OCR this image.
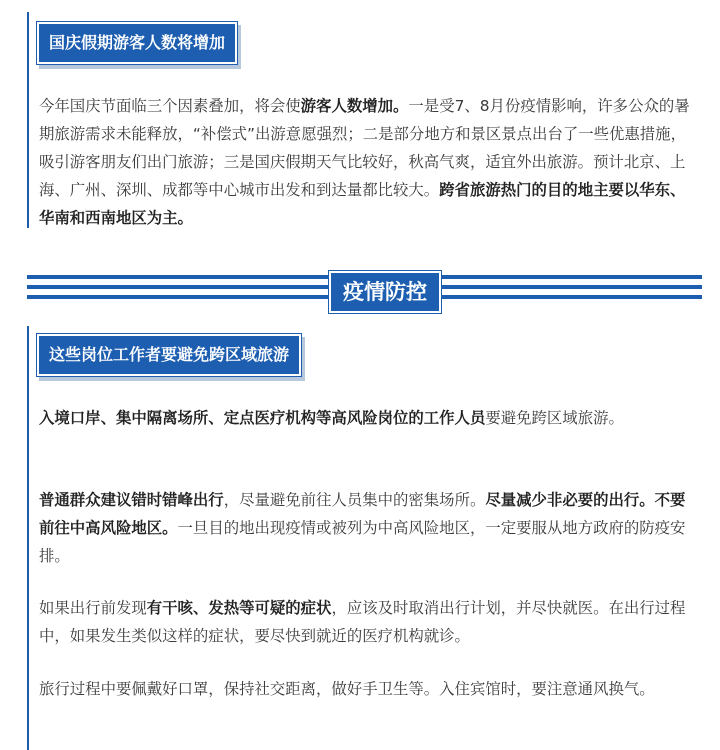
国庆假期游客人数将增加

今年国庆节面临三个因素叠加，将会使游客人数增加。一是受7、8月份疫情影响，许多公众的暑期旅游需求未能释放，“补偿式”出游意愿强烈；二是部分地方和景区景点出台了一些优惠措施，吸引游客朋友们出门旅游；三是国庆假期天气比较好，秋高气爽，适宜外出旅游。预计北京、上海、广州、深圳、成都等中心城市出发和到达量都比较大。跨省旅游热门的目的地主要以华东、华南和西南地区为主。

疫情防控
这些岗位工作者要避免跨区域旅游

入境口岸、集中隔离场所、定点医疗机构等高风险岗位的工作人员要避免跨区域旅游。

普通群众建议错时错峰出行，尽量避免前往人员集中的密集场所。尽量减少非必要的出行。不要前往中高风险地区。一旦目的地出现疫情或被列为中高风险地区，一定要服从地方政府的防疫安排。

如果出行前发现有干咳、发热等可疑的症状，应该及时取消出行计划，并尽快就医。在出行过程中，如果发生类似这样的症状，要尽快到就近的医疗机构就诊。

旅行过程中要佩戴好口罩，保持社交距离，做好手卫生等。入住宾馆时，要注意通风换气。
